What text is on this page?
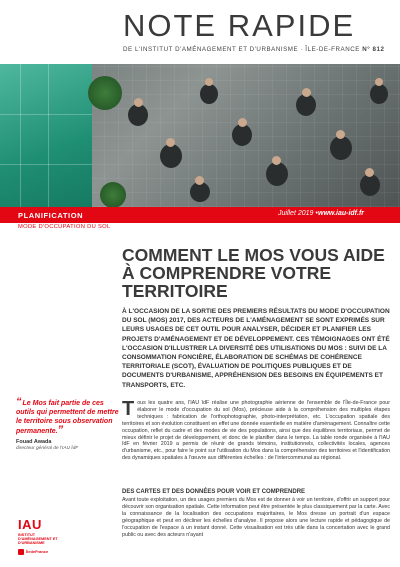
NOTE RAPIDE
DE L'INSTITUT D'AMÉNAGEMENT ET D'URBANISME · ÎLE-DE-FRANCE N° 812
Juillet 2019 • www.iau-idf.fr
PLANIFICATION
MODE D'OCCUPATION DU SOL
COMMENT LE MOS VOUS AIDE À COMPRENDRE VOTRE TERRITOIRE
À L'OCCASION DE LA SORTIE DES PREMIERS RÉSULTATS DU MODE D'OCCUPATION DU SOL (MOS) 2017, DES ACTEURS DE L'AMÉNAGEMENT SE SONT EXPRIMÉS SUR LEURS USAGES DE CET OUTIL POUR ANALYSER, DÉCIDER ET PLANIFIER LES PROJETS D'AMÉNAGEMENT ET DE DÉVELOPPEMENT. CES TÉMOIGNAGES ONT ÉTÉ L'OCCASION D'ILLUSTRER LA DIVERSITÉ DES UTILISATIONS DU MOS : SUIVI DE LA CONSOMMATION FONCIÈRE, ÉLABORATION DE SCHÉMAS DE COHÉRENCE TERRITORIALE (SCOT), ÉVALUATION DE POLITIQUES PUBLIQUES ET DE DOCUMENTS D'URBANISME, APPRÉHENSION DES BESOINS EN ÉQUIPEMENTS ET TRANSPORTS, ETC.
“Le Mos fait partie de ces outils qui permettent de mettre le territoire sous observation permanente.”
Fouad Awada
directeur général de l'IAU îdF
Tous les quatre ans, l'IAU îdF réalise une photographie aérienne de l'ensemble de l'Île-de-France pour élaborer le mode d'occupation du sol (Mos), précieuse aide à la compréhension des multiples étapes techniques : fabrication de l'orthophotographie, photo-interprétation, etc. L'occupation spatiale des territoires et son évolution constituent en effet une donnée essentielle en matière d'aménagement. Connaître cette occupation, reflet du cadre et des modes de vie des populations, ainsi que des équilibres territoriaux, permet de mieux définir le projet de développement, et donc de le planifier dans le temps. La table ronde organisée à l'IAU îdF en février 2019 a permis de réunir de grands témoins, institutionnels, collectivités locales, agences d'urbanisme, etc., pour faire le point sur l'utilisation du Mos dans la compréhension des territoires et l'identification des dynamiques spatiales à l'œuvre aux différentes échelles : de l'intercommunal au régional.
DES CARTES ET DES DONNÉES POUR VOIR ET COMPRENDRE
Avant toute exploitation, un des usages premiers du Mos est de donner à voir un territoire, d'offrir un support pour découvrir son organisation spatiale. Cette information peut être présentée le plus classiquement par la carte. Avec la connaissance de la localisation des occupations majoritaires, le Mos dresse un portrait d'un espace géographique et peut en décliner les échelles d'analyse. Il propose alors une lecture rapide et pédagogique de l'occupation de l'espace à un instant donné. Cette visualisation est très utile dans la concertation avec le grand public ou avec des acteurs n'ayant
IAU
INSTITUT D'AMÉNAGEMENT ET D'URBANISME
ÎledeFrance
